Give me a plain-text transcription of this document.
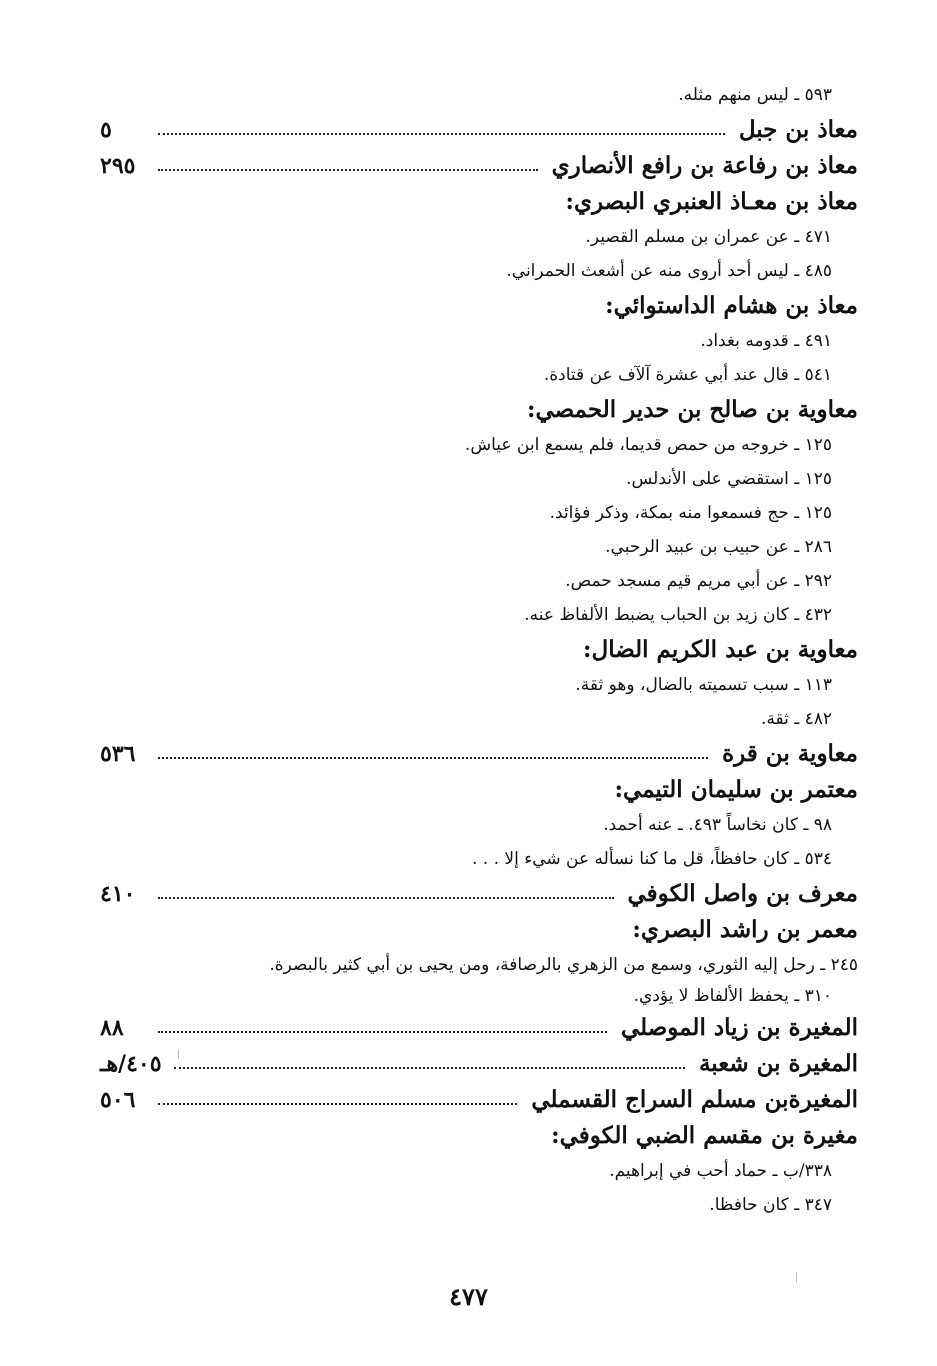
٥٩٣ ـ ليس منهم مثله.
معاذ بن جبل
٥
معاذ بن رفاعة بن رافع الأنصاري
٢٩٥
معاذ بن معـاذ العنبري البصري:
٤٧١ ـ عن عمران بن مسلم القصير.
٤٨٥ ـ ليس أحد أروى منه عن أشعث الحمراني.
معاذ بن هشام الداستوائي:
٤٩١ ـ قدومه بغداد.
٥٤١ ـ قال عند أبي عشرة آلآف عن قتادة.
معاوية بن صالح بن حدير الحمصي:
١٢٥ ـ خروجه من حمص قديما، فلم يسمع ابن عياش.
١٢٥ ـ استقضي على الأندلس.
١٢٥ ـ حج فسمعوا منه بمكة، وذكر فؤائد.
٢٨٦ ـ عن حبيب بن عبيد الرحبي.
٢٩٢ ـ عن أبي مريم قيم مسجد حمص.
٤٣٢ ـ كان زيد بن الحباب يضبط الألفاظ عنه.
معاوية بن عبد الكريم الضال:
١١٣ ـ سبب تسميته بالضال، وهو ثقة.
٤٨٢ ـ ثقة.
معاوية بن قرة
٥٣٦
معتمر بن سليمان التيمي:
٩٨ ـ كان نخاساً ٤٩٣. ـ عنه أحمد.
٥٣٤ ـ كان حافظاً، قل ما كنا نسأله عن شيء إلا . . .
معرف بن واصل الكوفي
٤١٠
معمر بن راشد البصري:
٢٤٥ ـ رحل إليه الثوري، وسمع من الزهري بالرصافة، ومن يحيى بن أبي كثير بالبصرة.
٣١٠ ـ يحفظ الألفاظ لا يؤدي.
المغيرة بن زياد الموصلي
٨٨
المغيرة بن شعبة
٤٠٥/هـ
المغيرةبن مسلم السراج القسملي
٥٠٦
مغيرة بن مقسم الضبي الكوفي:
٣٣٨/ب ـ حماد أحب في إبراهيم.
٣٤٧ ـ كان حافظا.
٤٧٧
